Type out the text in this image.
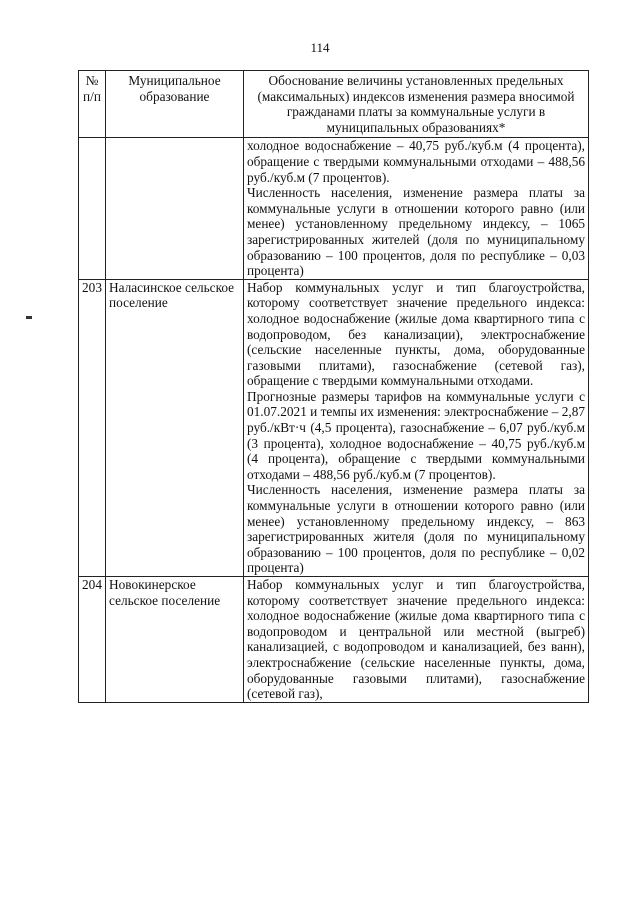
114
№ п/п	Муниципальное образование	Обоснование величины установленных предельных (максимальных) индексов изменения размера вносимой гражданами платы за коммунальные услуги в муниципальных образованиях*

		холодное водоснабжение – 40,75 руб./куб.м (4 процента), обращение с твердыми коммунальными отходами – 488,56 руб./куб.м (7 процентов).

Численность населения, изменение размера платы за коммунальные услуги в отношении которого равно (или менее) установленному предельному индексу, – 1065 зарегистрированных жителей (доля по муниципальному образованию – 100 процентов, доля по республике – 0,03 процента)

203	Наласинское сельское поселение	Набор коммунальных услуг и тип благоустройства, которому соответствует значение предельного индекса: холодное водоснабжение (жилые дома квартирного типа с водопроводом, без канализации), электроснабжение (сельские населенные пункты, дома, оборудованные газовыми плитами), газоснабжение (сетевой газ), обращение с твердыми коммунальными отходами.

Прогнозные размеры тарифов на коммунальные услуги с 01.07.2021 и темпы их изменения: электроснабжение – 2,87 руб./кВт·ч (4,5 процента), газоснабжение – 6,07 руб./куб.м (3 процента), холодное водоснабжение – 40,75 руб./куб.м (4 процента), обращение с твердыми коммунальными отходами – 488,56 руб./куб.м (7 процентов).

Численность населения, изменение размера платы за коммунальные услуги в отношении которого равно (или менее) установленному предельному индексу, – 863 зарегистрированных жителя (доля по муниципальному образованию – 100 процентов, доля по республике – 0,02 процента)

204	Новокинерское сельское поселение	Набор коммунальных услуг и тип благоустройства, которому соответствует значение предельного индекса: холодное водоснабжение (жилые дома квартирного типа с водопроводом и центральной или местной (выгреб) канализацией, с водопроводом и канализацией, без ванн), электроснабжение (сельские населенные пункты, дома, оборудованные газовыми плитами), газоснабжение (сетевой газ),
